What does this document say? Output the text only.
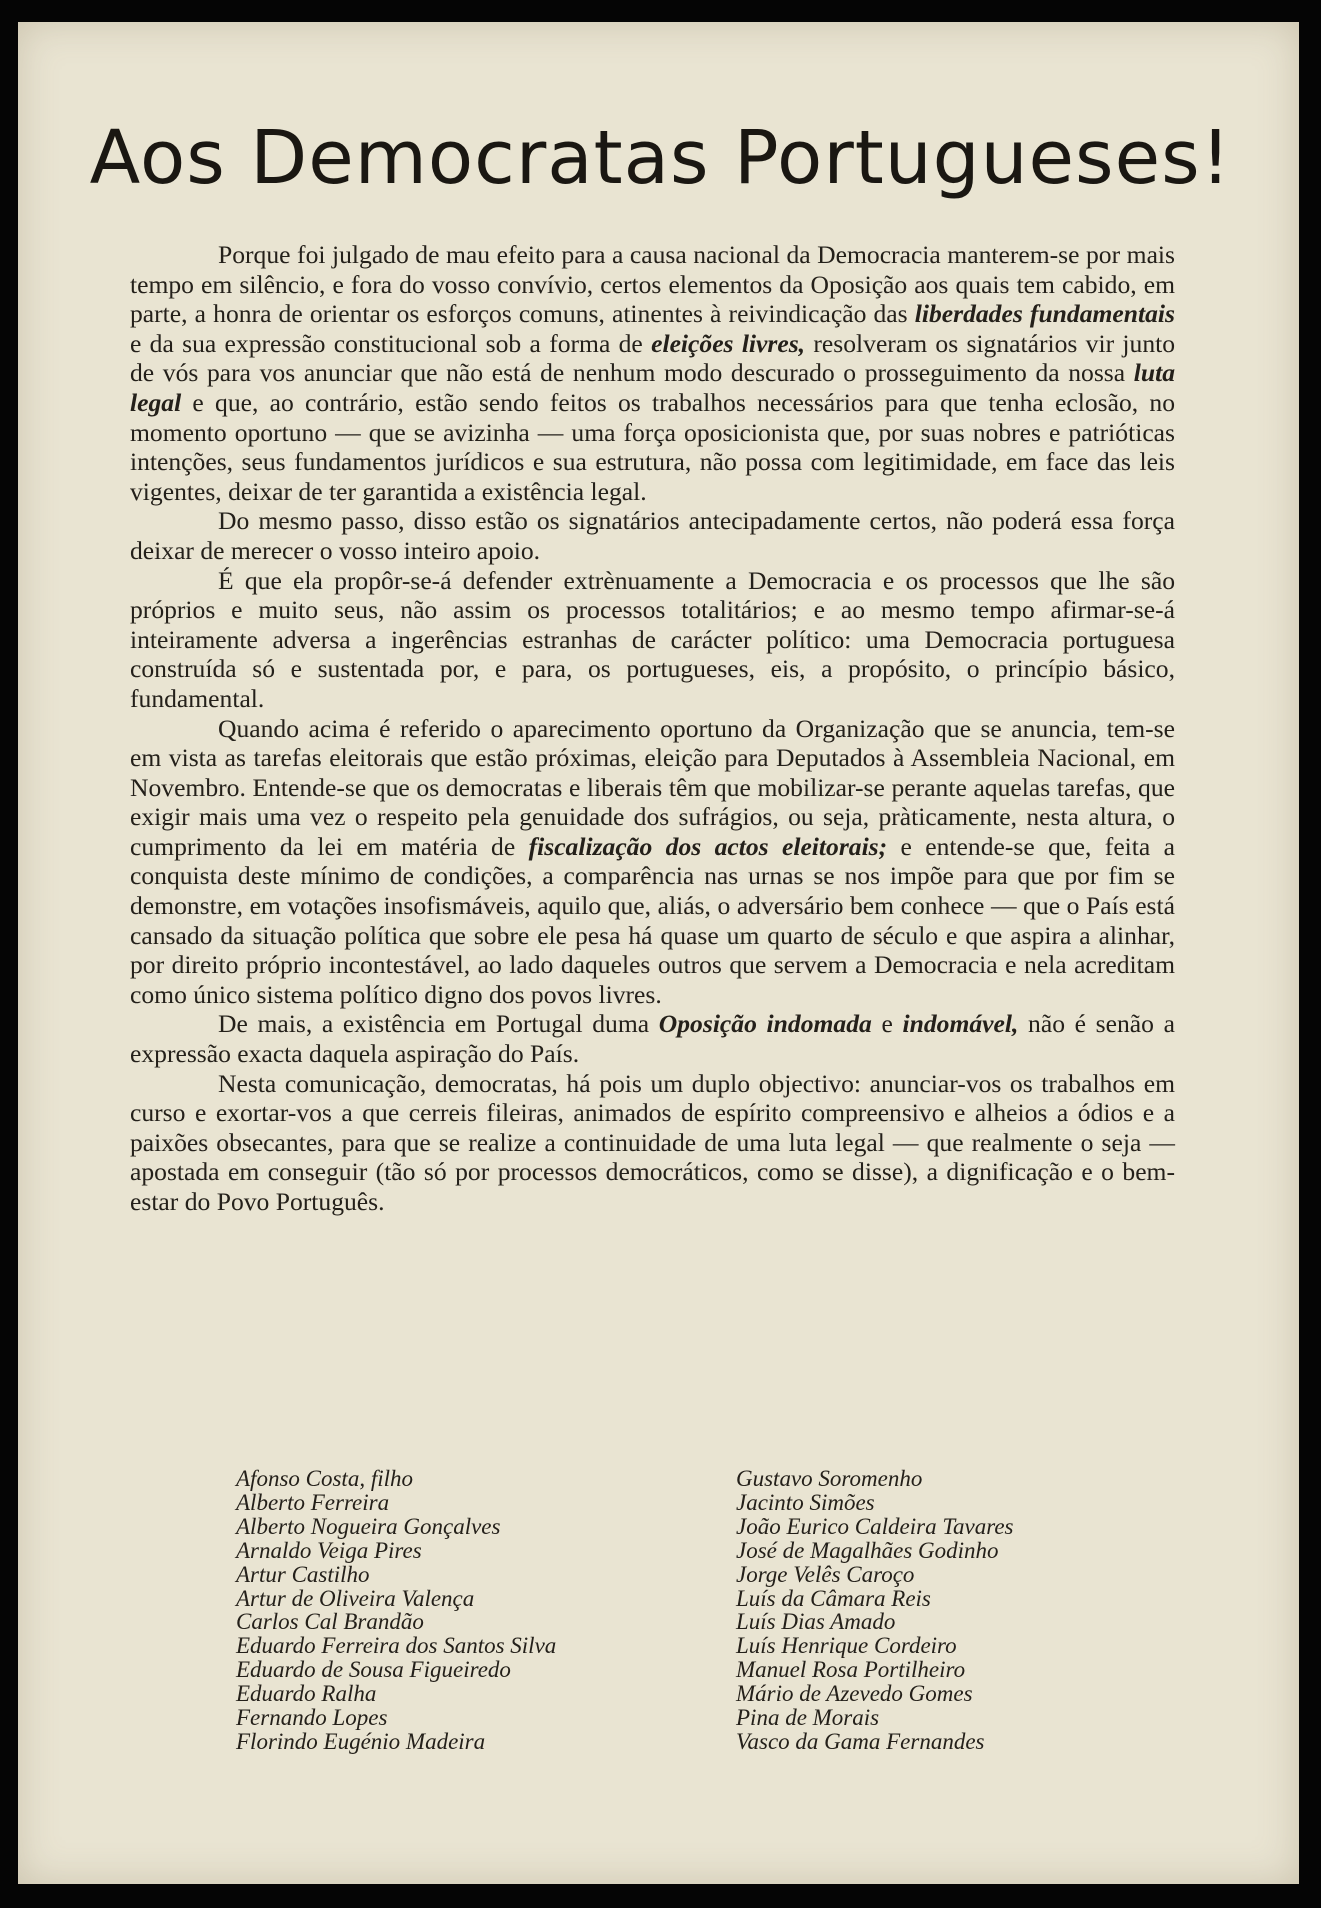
Aos Democratas Portugueses!

Porque foi julgado de mau efeito para a causa nacional da Democracia manterem-se por mais tempo em silêncio, e fora do vosso convívio, certos elementos da Oposição aos quais tem cabido, em parte, a honra de orientar os esforços comuns, atinentes à reivindicação das liberdades fundamentais e da sua expressão constitucional sob a forma de eleições livres, resolveram os signatários vir junto de vós para vos anunciar que não está de nenhum modo descurado o prosseguimento da nossa luta legal e que, ao contrário, estão sendo feitos os trabalhos necessários para que tenha eclosão, no momento oportuno — que se avizinha — uma força oposicionista que, por suas nobres e patrióticas intenções, seus fundamentos jurídicos e sua estrutura, não possa com legitimidade, em face das leis vigentes, deixar de ter garantida a existência legal.

Do mesmo passo, disso estão os signatários antecipadamente certos, não poderá essa força deixar de merecer o vosso inteiro apoio.

É que ela propôr-se-á defender extrènuamente a Democracia e os processos que lhe são próprios e muito seus, não assim os processos totalitários; e ao mesmo tempo afirmar-se-á inteiramente adversa a ingerências estranhas de carácter político: uma Democracia portuguesa construída só e sustentada por, e para, os portugueses, eis, a propósito, o princípio básico, fundamental.

Quando acima é referido o aparecimento oportuno da Organização que se anuncia, tem-se em vista as tarefas eleitorais que estão próximas, eleição para Deputados à Assembleia Nacional, em Novembro. Entende-se que os democratas e liberais têm que mobilizar-se perante aquelas tarefas, que exigir mais uma vez o respeito pela genuidade dos sufrágios, ou seja, pràticamente, nesta altura, o cumprimento da lei em matéria de fiscalização dos actos eleitorais; e entende-se que, feita a conquista deste mínimo de condições, a comparência nas urnas se nos impõe para que por fim se demonstre, em votações insofismáveis, aquilo que, aliás, o adversário bem conhece — que o País está cansado da situação política que sobre ele pesa há quase um quarto de século e que aspira a alinhar, por direito próprio incontestável, ao lado daqueles outros que servem a Democracia e nela acreditam como único sistema político digno dos povos livres.

De mais, a existência em Portugal duma Oposição indomada e indomável, não é senão a expressão exacta daquela aspiração do País.

Nesta comunicação, democratas, há pois um duplo objectivo: anunciar-vos os trabalhos em curso e exortar-vos a que cerreis fileiras, animados de espírito compreensivo e alheios a ódios e a paixões obsecantes, para que se realize a continuidade de uma luta legal — que realmente o seja — apostada em conseguir (tão só por processos democráticos, como se disse), a dignificação e o bem-estar do Povo Português.

Afonso Costa, filho
Alberto Ferreira
Alberto Nogueira Gonçalves
Arnaldo Veiga Pires
Artur Castilho
Artur de Oliveira Valença
Carlos Cal Brandão
Eduardo Ferreira dos Santos Silva
Eduardo de Sousa Figueiredo
Eduardo Ralha
Fernando Lopes
Florindo Eugénio Madeira
Gustavo Soromenho
Jacinto Simões
João Eurico Caldeira Tavares
José de Magalhães Godinho
Jorge Velês Caroço
Luís da Câmara Reis
Luís Dias Amado
Luís Henrique Cordeiro
Manuel Rosa Portilheiro
Mário de Azevedo Gomes
Pina de Morais
Vasco da Gama Fernandes
